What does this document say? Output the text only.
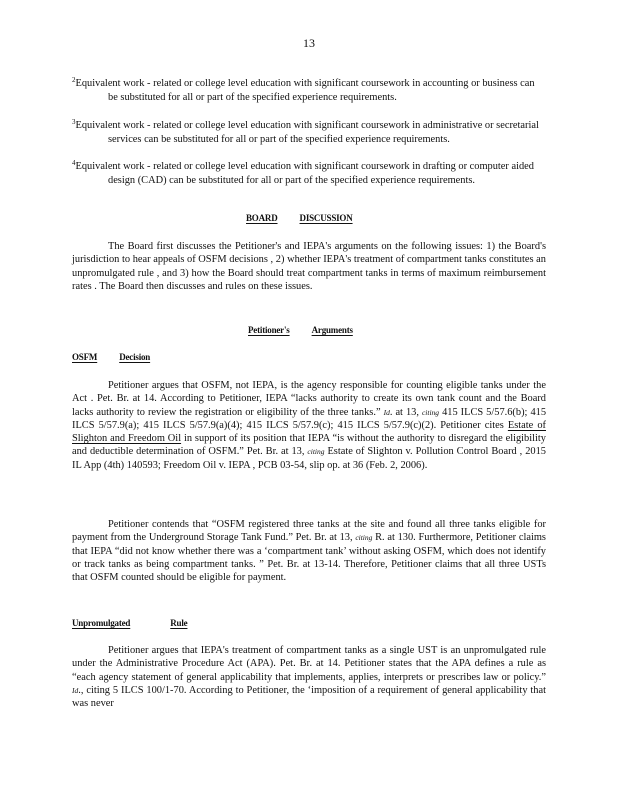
13
$^2$Equivalent work - related or college level education with significant coursework in accounting or business can be substituted for all or part of the specified experience requirements.
$^3$Equivalent work - related or college level education with significant coursework in administrative or secretarial services can be substituted for all or part of the specified experience requirements.
$^4$Equivalent work - related or college level education with significant coursework in drafting or computer aided design (CAD) can be substituted for all or part of the specified experience requirements.
BOARD DISCUSSION

The Board first discusses the Petitioner's and IEPA's arguments on the following issues: 1) the Board's jurisdiction to hear appeals of OSFM decisions , 2) whether IEPA's treatment of compartment tanks constitutes an unpromulgated rule , and 3) how the Board should treat compartment tanks in terms of maximum reimbursement rates . The Board then discusses and rules on these issues.

Petitioner's Arguments
OSFM Decision

Petitioner argues that OSFM, not IEPA, is the agency responsible for counting eligible tanks under the Act . Pet. Br. at 14. According to Petitioner, IEPA “lacks authority to create its own tank count and the Board lacks authority to review the registration or eligibility of the three tanks.” Id. at 13, citing 415 ILCS 5/57.6(b); 415 ILCS 5/57.9(a); 415 ILCS 5/57.9(a)(4); 415 ILCS 5/57.9(c); 415 ILCS 5/57.9(c)(2). Petitioner cites Estate of Slighton and Freedom Oil in support of its position that IEPA “is without the authority to disregard the eligibility and deductible determination of OSFM.” Pet. Br. at 13, citing Estate of Slighton v. Pollution Control Board , 2015 IL App (4th) 140593; Freedom Oil v. IEPA , PCB 03-54, slip op. at 36 (Feb. 2, 2006).

Petitioner contends that “OSFM registered three tanks at the site and found all three tanks eligible for payment from the Underground Storage Tank Fund.” Pet. Br. at 13, citing R. at 130. Furthermore, Petitioner claims that IEPA “did not know whether there was a ‘compartment tank’ without asking OSFM, which does not identify or track tanks as being compartment tanks. ” Pet. Br. at 13-14. Therefore, Petitioner claims that all three USTs that OSFM counted should be eligible for payment.

Unpromulgated	Rule

Petitioner argues that IEPA's treatment of compartment tanks as a single UST is an unpromulgated rule under the Administrative Procedure Act (APA). Pet. Br. at 14. Petitioner states that the APA defines a rule as “each agency statement of general applicability that implements, applies, interprets or prescribes law or policy.” Id., citing 5 ILCS 100/1-70. According to Petitioner, the ‘imposition of a requirement of general applicability that was never
